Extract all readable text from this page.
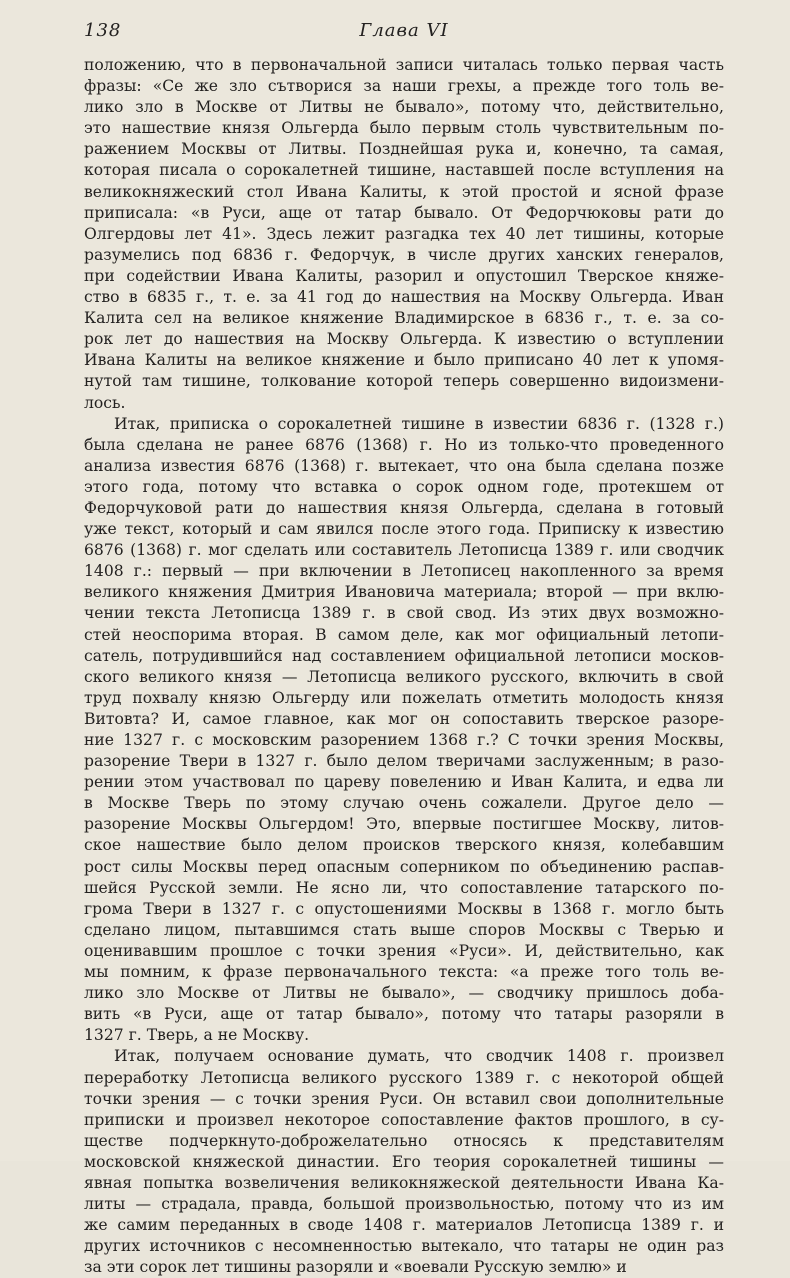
138	Глава VI
положению, что в первоначальной записи читалась только первая часть
фразы: «Се же зло сътворися за наши грехы, а прежде того толь ве-
лико зло в Москве от Литвы не бывало», потому что, действительно,
это нашествие князя Ольгерда было первым столь чувствительным по-
ражением Москвы от Литвы. Позднейшая рука и, конечно, та самая,
которая писала о сорокалетней тишине, наставшей после вступления на
великокняжеский стол Ивана Калиты, к этой простой и ясной фразе
приписала: «в Руси, аще от татар бывало. От Федорчюковы рати до
Олгердовы лет 41». Здесь лежит разгадка тех 40 лет тишины, которые
разумелись под 6836 г. Федорчук, в числе других ханских генералов,
при содействии Ивана Калиты, разорил и опустошил Тверское княже-
ство в 6835 г., т. е. за 41 год до нашествия на Москву Ольгерда. Иван
Калита сел на великое княжение Владимирское в 6836 г., т. е. за со-
рок лет до нашествия на Москву Ольгерда. К известию о вступлении
Ивана Калиты на великое княжение и было приписано 40 лет к упомя-
нутой там тишине, толкование которой теперь совершенно видоизмени-
лось.
Итак, приписка о сорокалетней тишине в известии 6836 г. (1328 г.)
была сделана не ранее 6876 (1368) г. Но из только-что проведенного
анализа известия 6876 (1368) г. вытекает, что она была сделана позже
этого года, потому что вставка о сорок одном годе, протекшем от
Федорчуковой рати до нашествия князя Ольгерда, сделана в готовый
уже текст, который и сам явился после этого года. Приписку к известию
6876 (1368) г. мог сделать или составитель Летописца 1389 г. или сводчик
1408 г.: первый — при включении в Летописец накопленного за время
великого княжения Дмитрия Ивановича материала; второй — при вклю-
чении текста Летописца 1389 г. в свой свод. Из этих двух возможно-
стей неоспорима вторая. В самом деле, как мог официальный летопи-
сатель, потрудившийся над составлением официальной летописи москов-
ского великого князя — Летописца великого русского, включить в свой
труд похвалу князю Ольгерду или пожелать отметить молодость князя
Витовта? И, самое главное, как мог он сопоставить тверское разоре-
ние 1327 г. с московским разорением 1368 г.? С точки зрения Москвы,
разорение Твери в 1327 г. было делом тверичами заслуженным; в разо-
рении этом участвовал по цареву повелению и Иван Калита, и едва ли
в Москве Тверь по этому случаю очень сожалели. Другое дело —
разорение Москвы Ольгердом! Это, впервые постигшее Москву, литов-
ское нашествие было делом происков тверского князя, колебавшим
рост силы Москвы перед опасным соперником по объединению распав-
шейся Русской земли. Не ясно ли, что сопоставление татарского по-
грома Твери в 1327 г. с опустошениями Москвы в 1368 г. могло быть
сделано лицом, пытавшимся стать выше споров Москвы с Тверью и
оценивавшим прошлое с точки зрения «Руси». И, действительно, как
мы помним, к фразе первоначального текста: «а преже того толь ве-
лико зло Москве от Литвы не бывало», — сводчику пришлось доба-
вить «в Руси, аще от татар бывало», потому что татары разоряли в
1327 г. Тверь, а не Москву.
Итак, получаем основание думать, что сводчик 1408 г. произвел
переработку Летописца великого русского 1389 г. с некоторой общей
точки зрения — с точки зрения Руси. Он вставил свои дополнительные
приписки и произвел некоторое сопоставление фактов прошлого, в су-
ществе подчеркнуто-доброжелательно относясь к представителям
московской княжеской династии. Его теория сорокалетней тишины —
явная попытка возвеличения великокняжеской деятельности Ивана Ка-
литы — страдала, правда, большой произвольностью, потому что из им
же самим переданных в своде 1408 г. материалов Летописца 1389 г. и
других источников с несомненностью вытекало, что татары не один раз
за эти сорок лет тишины разоряли и «воевали Русскую землю» и
